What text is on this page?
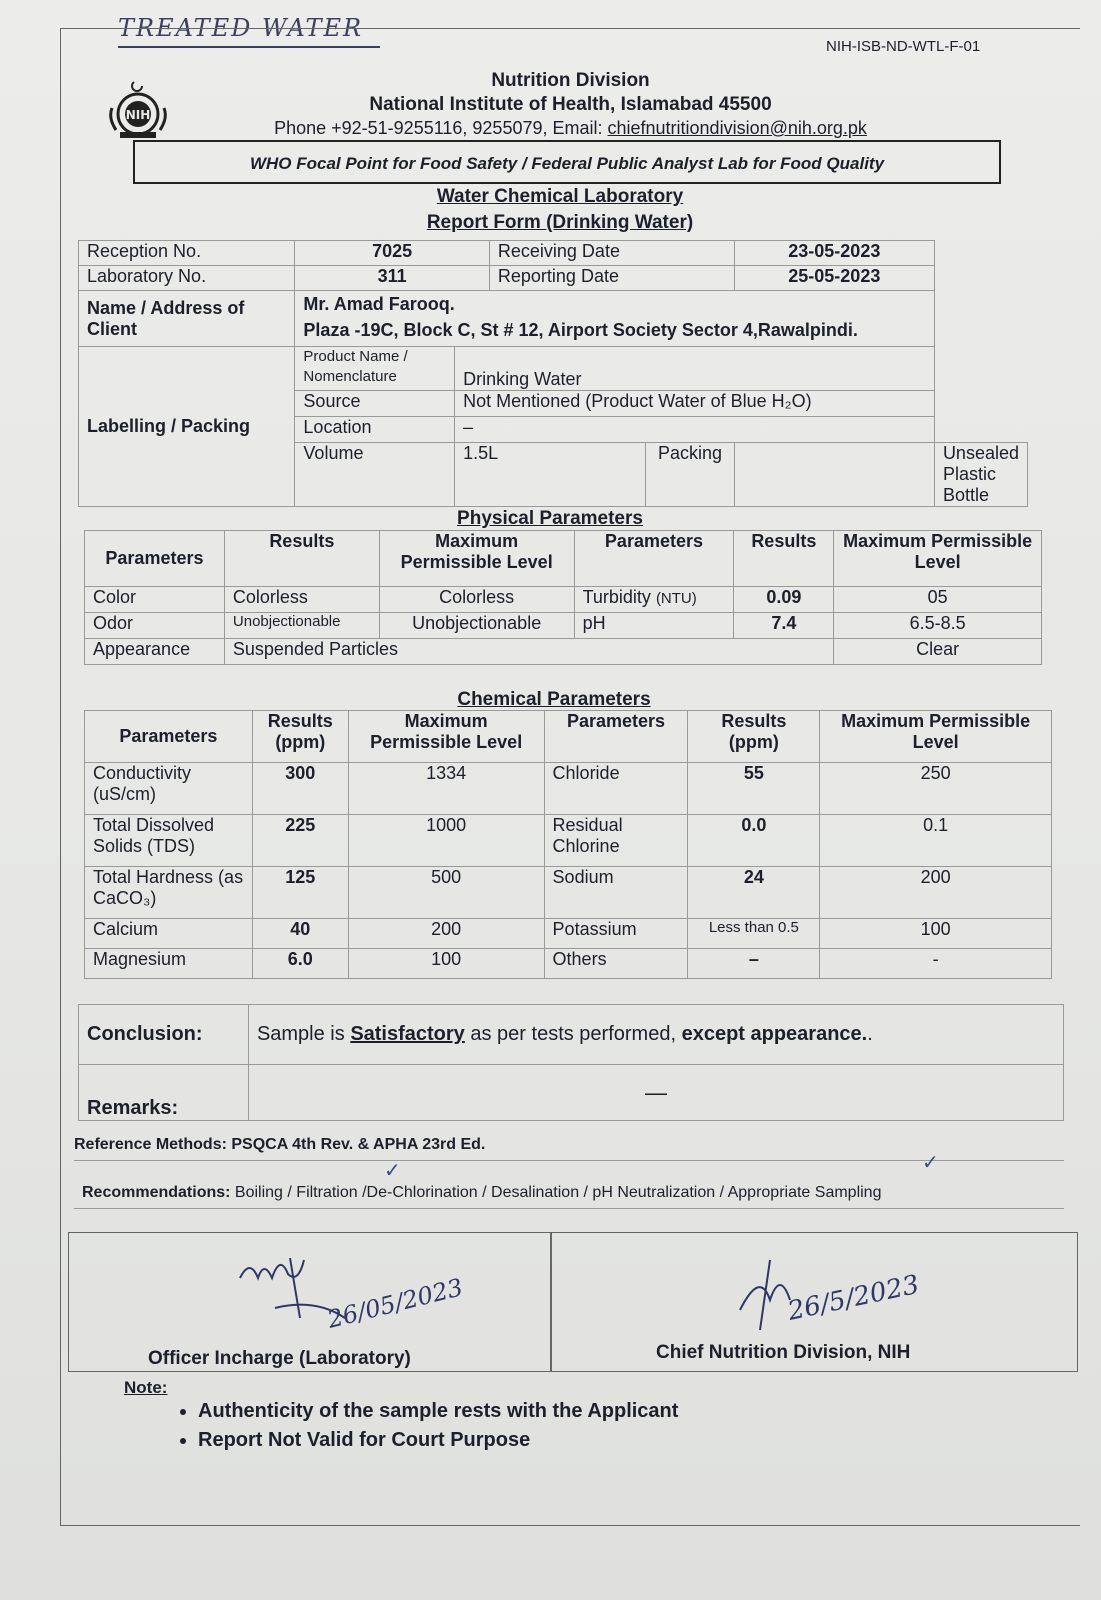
TREATED WATER
NIH-ISB-ND-WTL-F-01
NIH
Nutrition Division
National Institute of Health, Islamabad 45500
Phone +92-51-9255116, 9255079, Email: chiefnutritiondivision@nih.org.pk
WHO Focal Point for Food Safety / Federal Public Analyst Lab for Food Quality
Water Chemical Laboratory
Report Form (Drinking Water)
Reception No.	7025		Receiving Date		23-05-2023	
Laboratory No.	311		Reporting Date		25-05-2023	
Name / Address of Client	Mr. Amad Farooq.
Plaza -19C, Block C, St # 12, Airport Society Sector 4,Rawalpindi.					

Labelling / Packing	Product Name / Nomenclature	Drinking Water				
	Source	Not Mentioned (Product Water of Blue H₂O)				
	Location	–				
	Volume	1.5L		Packing		Unsealed Plastic Bottle
Physical Parameters
Parameters	Results	Maximum Permissible Level	Parameters	Results	Maximum Permissible Level
Color	Colorless	Colorless	Turbidity (NTU)	0.09	05
Odor	Unobjectionable	Unobjectionable	pH	7.4	6.5-8.5
Appearance	Suspended Particles				Clear
Chemical Parameters
Parameters	Results (ppm)	Maximum Permissible Level	Parameters	Results (ppm)	Maximum Permissible Level
Conductivity (uS/cm)	300	1334	Chloride	55	250
Total Dissolved Solids (TDS)	225	1000	Residual Chlorine	0.0	0.1
Total Hardness (as CaCO₃)	125	500	Sodium	24	200
Calcium	40	200	Potassium	Less than 0.5	100
Magnesium	6.0	100	Others	–	-
Conclusion:	Sample is Satisfactory as per tests performed, except appearance..
Remarks:	—
Reference Methods: PSQCA 4th Rev. & APHA 23rd Ed.
✓	✓
Recommendations: Boiling / Filtration /De-Chlorination / Desalination / pH Neutralization / Appropriate Sampling
26/05/2023	26/5/2023
Officer Incharge (Laboratory)	Chief Nutrition Division, NIH
Note:
• Authenticity of the sample rests with the Applicant
• Report Not Valid for Court Purpose
